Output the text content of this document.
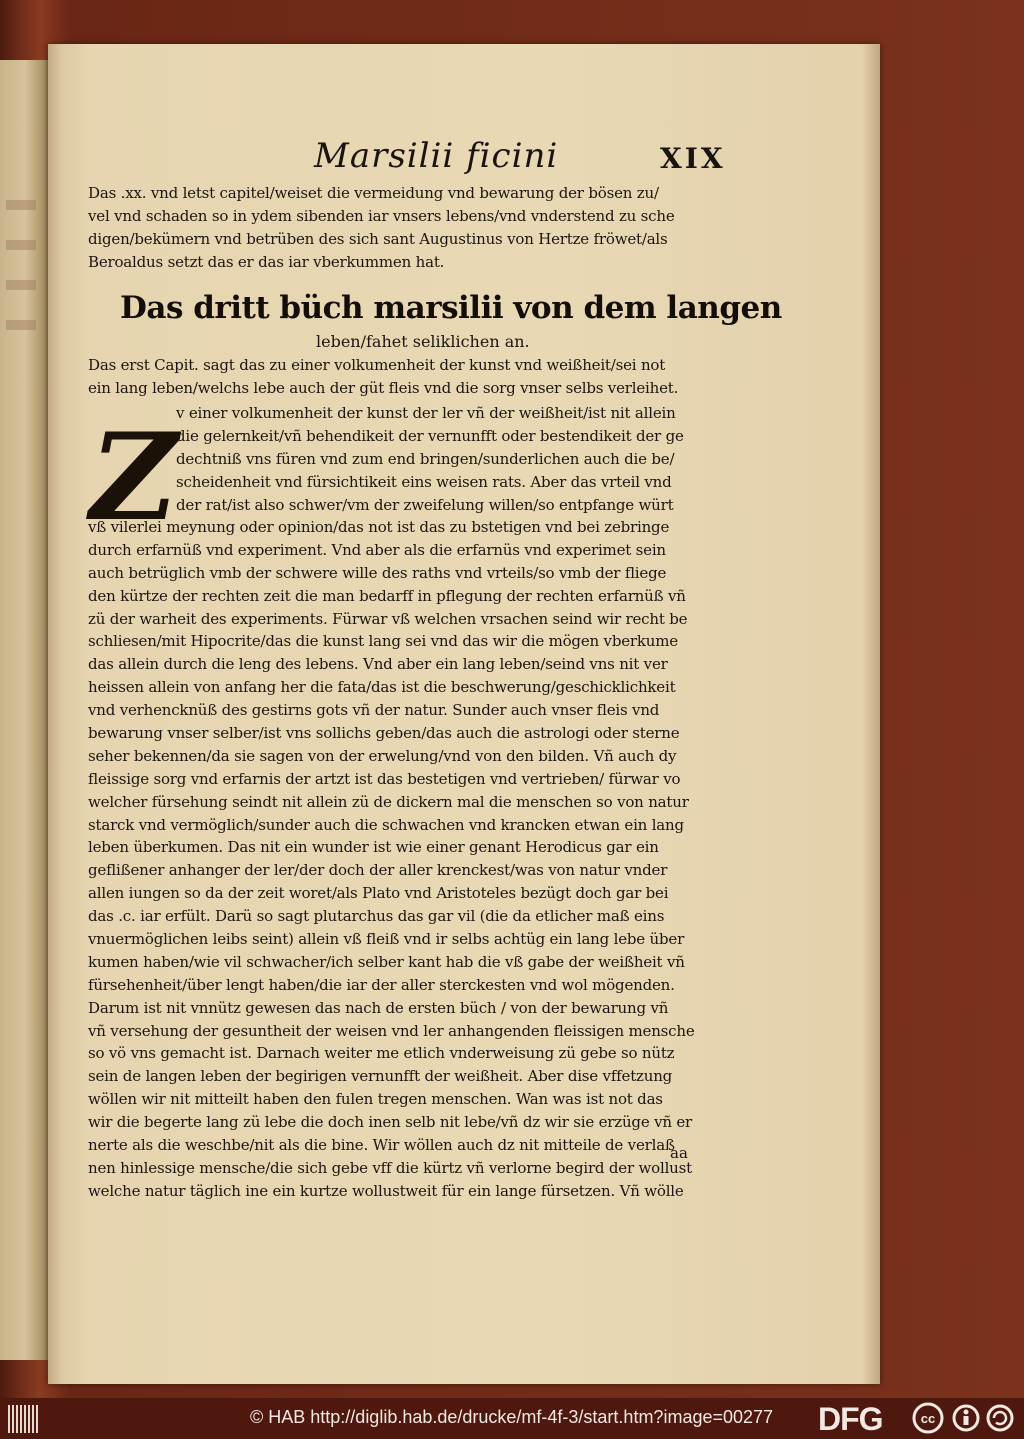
Marsilii ficini	XIX
Das .xx. vnd letst capitel/weiset die vermeidung vnd bewarung der bösen zu/
vel vnd schaden so in ydem sibenden iar vnsers lebens/vnd vnderstend zu sche
digen/bekümern vnd betrüben des sich sant Augustinus von Hertze fröwet/als
Beroaldus setzt das er das iar vberkummen hat.
Das dritt büch marsilii von dem langen
leben/fahet seliklichen an.
Das erst Capit. sagt das zu einer volkumenheit der kunst vnd weißheit/sei not
ein lang leben/welchs lebe auch der güt fleis vnd die sorg vnser selbs verleihet.
Z
v einer volkumenheit der kunst der ler vñ der weißheit/ist nit allein
die gelernkeit/vñ behendikeit der vernunfft oder bestendikeit der ge
dechtniß vns füren vnd zum end bringen/sunderlichen auch die be/
scheidenheit vnd fürsichtikeit eins weisen rats. Aber das vrteil vnd
der rat/ist also schwer/vm der zweifelung willen/so entpfange würt
vß vilerlei meynung oder opinion/das not ist das zu bstetigen vnd bei zebringe
durch erfarnüß vnd experiment. Vnd aber als die erfarnüs vnd experimet sein
auch betrüglich vmb der schwere wille des raths vnd vrteils/so vmb der fliege
den kürtze der rechten zeit die man bedarff in pflegung der rechten erfarnüß vñ
zü der warheit des experiments. Fürwar vß welchen vrsachen seind wir recht be
schliesen/mit Hipocrite/das die kunst lang sei vnd das wir die mögen vberkume
das allein durch die leng des lebens. Vnd aber ein lang leben/seind vns nit ver
heissen allein von anfang her die fata/das ist die beschwerung/geschicklichkeit
vnd verhencknüß des gestirns gots vñ der natur. Sunder auch vnser fleis vnd
bewarung vnser selber/ist vns sollichs geben/das auch die astrologi oder sterne
seher bekennen/da sie sagen von der erwelung/vnd von den bilden. Vñ auch dy
fleissige sorg vnd erfarnis der artzt ist das bestetigen vnd vertrieben/ fürwar vo
welcher fürsehung seindt nit allein zü de dickern mal die menschen so von natur
starck vnd vermöglich/sunder auch die schwachen vnd krancken etwan ein lang
leben überkumen. Das nit ein wunder ist wie einer genant Herodicus gar ein
geflißener anhanger der ler/der doch der aller krenckest/was von natur vnder
allen iungen so da der zeit woret/als Plato vnd Aristoteles bezügt doch gar bei
das .c. iar erfült. Darü so sagt plutarchus das gar vil (die da etlicher maß eins
vnuermöglichen leibs seint) allein vß fleiß vnd ir selbs achtüg ein lang lebe über
kumen haben/wie vil schwacher/ich selber kant hab die vß gabe der weißheit vñ
fürsehenheit/über lengt haben/die iar der aller sterckesten vnd wol mögenden.
Darum ist nit vnnütz gewesen das nach de ersten büch / von der bewarung vñ
vñ versehung der gesuntheit der weisen vnd ler anhangenden fleissigen mensche
so vö vns gemacht ist. Darnach weiter me etlich vnderweisung zü gebe so nütz
sein de langen leben der begirigen vernunfft der weißheit. Aber dise vffetzung
wöllen wir nit mitteilt haben den fulen tregen menschen. Wan was ist not das
wir die begerte lang zü lebe die doch inen selb nit lebe/vñ dz wir sie erzüge vñ er
nerte als die weschbe/nit als die bine. Wir wöllen auch dz nit mitteile de verlaß
nen hinlessige mensche/die sich gebe vff die kürtz vñ verlorne begird der wollust
welche natur täglich ine ein kurtze wollustweit für ein lange fürsetzen. Vñ wölle
aa
© HAB http://diglib.hab.de/drucke/mf-4f-3/start.htm?image=00277 DFG	cc
